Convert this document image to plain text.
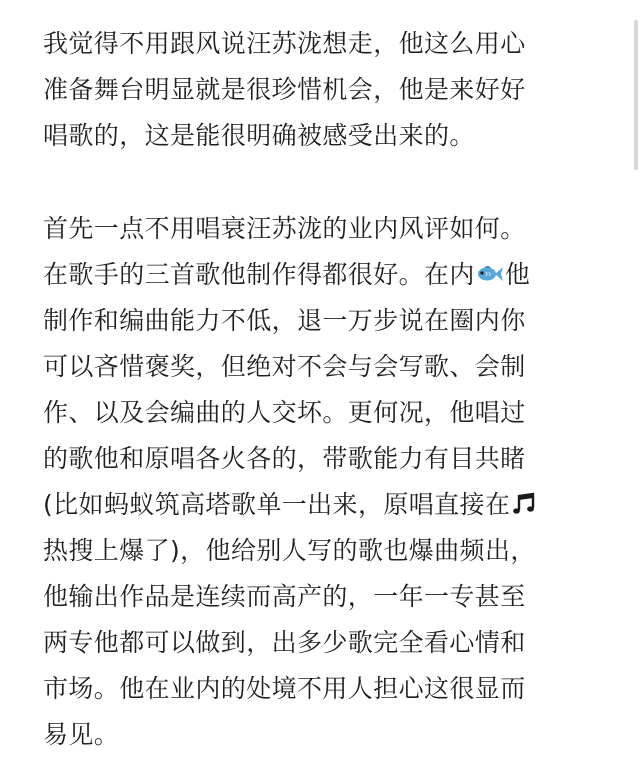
我觉得不用跟风说汪苏泷想走，他这么用心

准备舞台明显就是很珍惜机会，他是来好好

唱歌的，这是能很明确被感受出来的。

首先一点不用唱衰汪苏泷的业内风评如何。

在歌手的三首歌他制作得都很好。在内 他

制作和编曲能力不低，退一万步说在圈内你

可以吝惜褒奖，但绝对不会与会写歌、会制

作、以及会编曲的人交坏。更何况，他唱过

的歌他和原唱各火各的，带歌能力有目共睹

(比如蚂蚁筑高塔歌单一出来，原唱直接在

热搜上爆了)，他给别人写的歌也爆曲频出，

他输出作品是连续而高产的，一年一专甚至

两专他都可以做到，出多少歌完全看心情和

市场。他在业内的处境不用人担心这很显而

易见。
